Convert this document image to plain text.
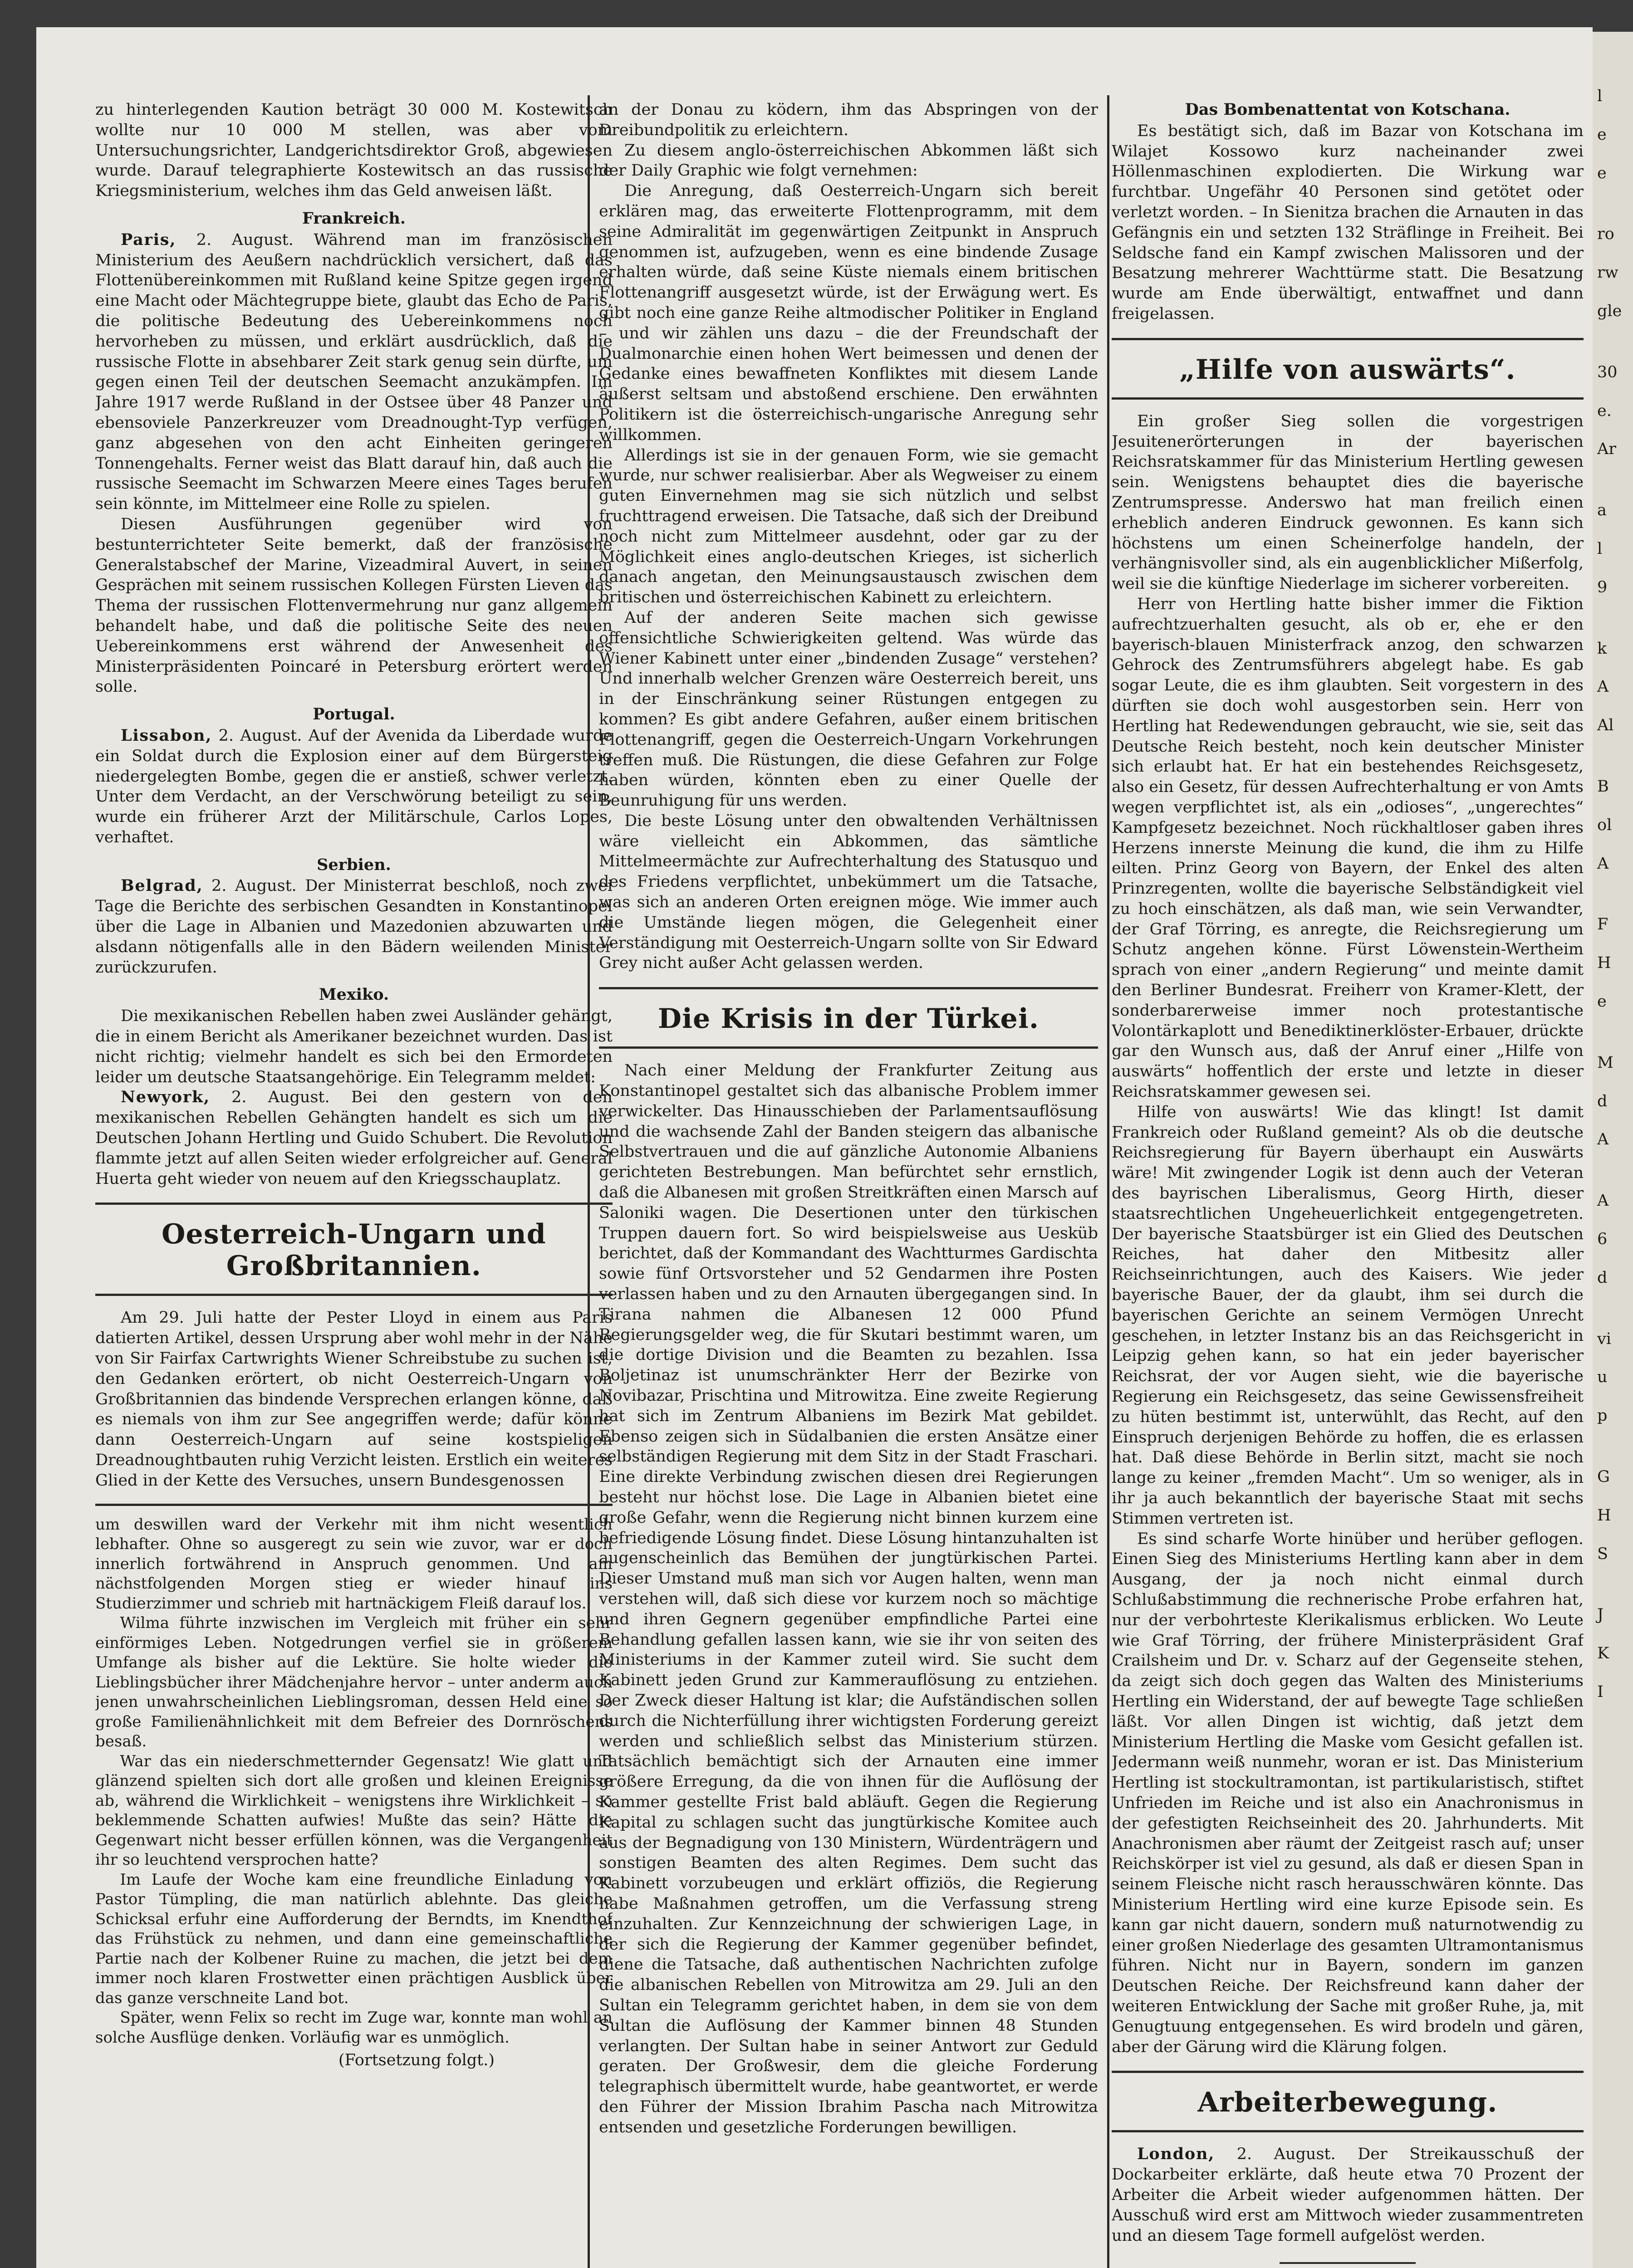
zu hinterlegenden Kaution beträgt 30 000 M. Kostewitsch wollte nur 10 000 M stellen, was aber vom Untersuchungsrichter, Landgerichtsdirektor Groß, abgewiesen wurde. Darauf telegraphierte Kostewitsch an das russische Kriegsministerium, welches ihm das Geld anweisen läßt.

Frankreich.

Paris, 2. August. Während man im französischen Ministerium des Aeußern nachdrücklich versichert, daß das Flottenübereinkommen mit Rußland keine Spitze gegen irgend eine Macht oder Mächtegruppe biete, glaubt das Echo de Paris, die politische Bedeutung des Uebereinkommens noch hervorheben zu müssen, und erklärt ausdrücklich, daß die russische Flotte in absehbarer Zeit stark genug sein dürfte, um gegen einen Teil der deutschen Seemacht anzukämpfen. Im Jahre 1917 werde Rußland in der Ostsee über 48 Panzer und ebensoviele Panzerkreuzer vom Dreadnought-Typ verfügen, ganz abgesehen von den acht Einheiten geringeren Tonnengehalts. Ferner weist das Blatt darauf hin, daß auch die russische Seemacht im Schwarzen Meere eines Tages berufen sein könnte, im Mittelmeer eine Rolle zu spielen.

Diesen Ausführungen gegenüber wird von bestunterrichteter Seite bemerkt, daß der französische Generalstabschef der Marine, Vizeadmiral Auvert, in seinen Gesprächen mit seinem russischen Kollegen Fürsten Lieven das Thema der russischen Flottenvermehrung nur ganz allgemein behandelt habe, und daß die politische Seite des neuen Uebereinkommens erst während der Anwesenheit des Ministerpräsidenten Poincaré in Petersburg erörtert werden solle.

Portugal.

Lissabon, 2. August. Auf der Avenida da Liberdade wurde ein Soldat durch die Explosion einer auf dem Bürgersteig niedergelegten Bombe, gegen die er anstieß, schwer verletzt. Unter dem Verdacht, an der Verschwörung beteiligt zu sein, wurde ein früherer Arzt der Militärschule, Carlos Lopes, verhaftet.

Serbien.

Belgrad, 2. August. Der Ministerrat beschloß, noch zwei Tage die Berichte des serbischen Gesandten in Konstantinopel über die Lage in Albanien und Mazedonien abzuwarten und alsdann nötigenfalls alle in den Bädern weilenden Minister zurückzurufen.

Mexiko.

Die mexikanischen Rebellen haben zwei Ausländer gehängt, die in einem Bericht als Amerikaner bezeichnet wurden. Das ist nicht richtig; vielmehr handelt es sich bei den Ermordeten leider um deutsche Staatsangehörige. Ein Telegramm meldet:

Newyork, 2. August. Bei den gestern von den mexikanischen Rebellen Gehängten handelt es sich um die Deutschen Johann Hertling und Guido Schubert. Die Revolution flammte jetzt auf allen Seiten wieder erfolgreicher auf. General Huerta geht wieder von neuem auf den Kriegsschauplatz.

Oesterreich-Ungarn und Großbritannien.

Am 29. Juli hatte der Pester Lloyd in einem aus Paris datierten Artikel, dessen Ursprung aber wohl mehr in der Nähe von Sir Fairfax Cartwrights Wiener Schreibstube zu suchen ist, den Gedanken erörtert, ob nicht Oesterreich-Ungarn von Großbritannien das bindende Versprechen erlangen könne, daß es niemals von ihm zur See angegriffen werde; dafür könne dann Oesterreich-Ungarn auf seine kostspieligen Dreadnoughtbauten ruhig Verzicht leisten. Erstlich ein weiteres Glied in der Kette des Versuches, unsern Bundesgenossen

um deswillen ward der Verkehr mit ihm nicht wesentlich lebhafter. Ohne so ausgeregt zu sein wie zuvor, war er doch innerlich fortwährend in Anspruch genommen. Und am nächstfolgenden Morgen stieg er wieder hinauf ins Studierzimmer und schrieb mit hartnäckigem Fleiß darauf los.

Wilma führte inzwischen im Vergleich mit früher ein sehr einförmiges Leben. Notgedrungen verfiel sie in größerem Umfange als bisher auf die Lektüre. Sie holte wieder die Lieblingsbücher ihrer Mädchenjahre hervor – unter anderm auch jenen unwahrscheinlichen Lieblingsroman, dessen Held eine so große Familienähnlichkeit mit dem Befreier des Dornröschens besaß.

War das ein niederschmetternder Gegensatz! Wie glatt und glänzend spielten sich dort alle großen und kleinen Ereignisse ab, während die Wirklichkeit – wenigstens ihre Wirklichkeit – so beklemmende Schatten aufwies! Mußte das sein? Hätte die Gegenwart nicht besser erfüllen können, was die Vergangenheit ihr so leuchtend versprochen hatte?

Im Laufe der Woche kam eine freundliche Einladung von Pastor Tümpling, die man natürlich ablehnte. Das gleiche Schicksal erfuhr eine Aufforderung der Berndts, im Knendthof das Frühstück zu nehmen, und dann eine gemeinschaftliche Partie nach der Kolbener Ruine zu machen, die jetzt bei dem immer noch klaren Frostwetter einen prächtigen Ausblick über das ganze verschneite Land bot.

Später, wenn Felix so recht im Zuge war, konnte man wohl an solche Ausflüge denken. Vorläufig war es unmöglich.

(Fortsetzung folgt.)

an der Donau zu ködern, ihm das Abspringen von der Dreibundpolitik zu erleichtern.

Zu diesem anglo-österreichischen Abkommen läßt sich der Daily Graphic wie folgt vernehmen:

Die Anregung, daß Oesterreich-Ungarn sich bereit erklären mag, das erweiterte Flottenprogramm, mit dem seine Admiralität im gegenwärtigen Zeitpunkt in Anspruch genommen ist, aufzugeben, wenn es eine bindende Zusage erhalten würde, daß seine Küste niemals einem britischen Flottenangriff ausgesetzt würde, ist der Erwägung wert. Es gibt noch eine ganze Reihe altmodischer Politiker in England – und wir zählen uns dazu – die der Freundschaft der Dualmonarchie einen hohen Wert beimessen und denen der Gedanke eines bewaffneten Konfliktes mit diesem Lande äußerst seltsam und abstoßend erschiene. Den erwähnten Politikern ist die österreichisch-ungarische Anregung sehr willkommen.

Allerdings ist sie in der genauen Form, wie sie gemacht wurde, nur schwer realisierbar. Aber als Wegweiser zu einem guten Einvernehmen mag sie sich nützlich und selbst fruchttragend erweisen. Die Tatsache, daß sich der Dreibund noch nicht zum Mittelmeer ausdehnt, oder gar zu der Möglichkeit eines anglo-deutschen Krieges, ist sicherlich danach angetan, den Meinungsaustausch zwischen dem britischen und österreichischen Kabinett zu erleichtern.

Auf der anderen Seite machen sich gewisse offensichtliche Schwierigkeiten geltend. Was würde das Wiener Kabinett unter einer „bindenden Zusage“ verstehen? Und innerhalb welcher Grenzen wäre Oesterreich bereit, uns in der Einschränkung seiner Rüstungen entgegen zu kommen? Es gibt andere Gefahren, außer einem britischen Flottenangriff, gegen die Oesterreich-Ungarn Vorkehrungen treffen muß. Die Rüstungen, die diese Gefahren zur Folge haben würden, könnten eben zu einer Quelle der Beunruhigung für uns werden.

Die beste Lösung unter den obwaltenden Verhältnissen wäre vielleicht ein Abkommen, das sämtliche Mittelmeermächte zur Aufrechterhaltung des Statusquo und des Friedens verpflichtet, unbekümmert um die Tatsache, was sich an anderen Orten ereignen möge. Wie immer auch die Umstände liegen mögen, die Gelegenheit einer Verständigung mit Oesterreich-Ungarn sollte von Sir Edward Grey nicht außer Acht gelassen werden.

Die Krisis in der Türkei.

Nach einer Meldung der Frankfurter Zeitung aus Konstantinopel gestaltet sich das albanische Problem immer verwickelter. Das Hinausschieben der Parlamentsauflösung und die wachsende Zahl der Banden steigern das albanische Selbstvertrauen und die auf gänzliche Autonomie Albaniens gerichteten Bestrebungen. Man befürchtet sehr ernstlich, daß die Albanesen mit großen Streitkräften einen Marsch auf Saloniki wagen. Die Desertionen unter den türkischen Truppen dauern fort. So wird beispielsweise aus Uesküb berichtet, daß der Kommandant des Wachtturmes Gardischta sowie fünf Ortsvorsteher und 52 Gendarmen ihre Posten verlassen haben und zu den Arnauten übergegangen sind. In Tirana nahmen die Albanesen 12 000 Pfund Regierungsgelder weg, die für Skutari bestimmt waren, um die dortige Division und die Beamten zu bezahlen. Issa Boljetinaz ist unumschränkter Herr der Bezirke von Novibazar, Prischtina und Mitrowitza. Eine zweite Regierung hat sich im Zentrum Albaniens im Bezirk Mat gebildet. Ebenso zeigen sich in Südalbanien die ersten Ansätze einer selbständigen Regierung mit dem Sitz in der Stadt Fraschari. Eine direkte Verbindung zwischen diesen drei Regierungen besteht nur höchst lose. Die Lage in Albanien bietet eine große Gefahr, wenn die Regierung nicht binnen kurzem eine befriedigende Lösung findet. Diese Lösung hintanzuhalten ist augenscheinlich das Bemühen der jungtürkischen Partei. Dieser Umstand muß man sich vor Augen halten, wenn man verstehen will, daß sich diese vor kurzem noch so mächtige und ihren Gegnern gegenüber empfindliche Partei eine Behandlung gefallen lassen kann, wie sie ihr von seiten des Ministeriums in der Kammer zuteil wird. Sie sucht dem Kabinett jeden Grund zur Kammerauflösung zu entziehen. Der Zweck dieser Haltung ist klar; die Aufständischen sollen durch die Nichterfüllung ihrer wichtigsten Forderung gereizt werden und schließlich selbst das Ministerium stürzen. Tatsächlich bemächtigt sich der Arnauten eine immer größere Erregung, da die von ihnen für die Auflösung der Kammer gestellte Frist bald abläuft. Gegen die Regierung Kapital zu schlagen sucht das jungtürkische Komitee auch aus der Begnadigung von 130 Ministern, Würdenträgern und sonstigen Beamten des alten Regimes. Dem sucht das Kabinett vorzubeugen und erklärt offiziös, die Regierung habe Maßnahmen getroffen, um die Verfassung streng einzuhalten. Zur Kennzeichnung der schwierigen Lage, in der sich die Regierung der Kammer gegenüber befindet, diene die Tatsache, daß authentischen Nachrichten zufolge die albanischen Rebellen von Mitrowitza am 29. Juli an den Sultan ein Telegramm gerichtet haben, in dem sie von dem Sultan die Auflösung der Kammer binnen 48 Stunden verlangten. Der Sultan habe in seiner Antwort zur Geduld geraten. Der Großwesir, dem die gleiche Forderung telegraphisch übermittelt wurde, habe geantwortet, er werde den Führer der Mission Ibrahim Pascha nach Mitrowitza entsenden und gesetzliche Forderungen bewilligen.

Das Bombenattentat von Kotschana.

Es bestätigt sich, daß im Bazar von Kotschana im Wilajet Kossowo kurz nacheinander zwei Höllenmaschinen explodierten. Die Wirkung war furchtbar. Ungefähr 40 Personen sind getötet oder verletzt worden. – In Sienitza brachen die Arnauten in das Gefängnis ein und setzten 132 Sträflinge in Freiheit. Bei Seldsche fand ein Kampf zwischen Malissoren und der Besatzung mehrerer Wachttürme statt. Die Besatzung wurde am Ende überwältigt, entwaffnet und dann freigelassen.

„Hilfe von auswärts“.

Ein großer Sieg sollen die vorgestrigen Jesuitenerörterungen in der bayerischen Reichsratskammer für das Ministerium Hertling gewesen sein. Wenigstens behauptet dies die bayerische Zentrumspresse. Anderswo hat man freilich einen erheblich anderen Eindruck gewonnen. Es kann sich höchstens um einen Scheinerfolge handeln, der verhängnisvoller sind, als ein augenblicklicher Mißerfolg, weil sie die künftige Niederlage im sicherer vorbereiten.

Herr von Hertling hatte bisher immer die Fiktion aufrechtzuerhalten gesucht, als ob er, ehe er den bayerisch-blauen Ministerfrack anzog, den schwarzen Gehrock des Zentrumsführers abgelegt habe. Es gab sogar Leute, die es ihm glaubten. Seit vorgestern in des dürften sie doch wohl ausgestorben sein. Herr von Hertling hat Redewendungen gebraucht, wie sie, seit das Deutsche Reich besteht, noch kein deutscher Minister sich erlaubt hat. Er hat ein bestehendes Reichsgesetz, also ein Gesetz, für dessen Aufrechterhaltung er von Amts wegen verpflichtet ist, als ein „odioses“, „ungerechtes“ Kampfgesetz bezeichnet. Noch rückhaltloser gaben ihres Herzens innerste Meinung die kund, die ihm zu Hilfe eilten. Prinz Georg von Bayern, der Enkel des alten Prinzregenten, wollte die bayerische Selbständigkeit viel zu hoch einschätzen, als daß man, wie sein Verwandter, der Graf Törring, es anregte, die Reichsregierung um Schutz angehen könne. Fürst Löwenstein-Wertheim sprach von einer „andern Regierung“ und meinte damit den Berliner Bundesrat. Freiherr von Kramer-Klett, der sonderbarerweise immer noch protestantische Volontärkaplott und Benediktinerklöster-Erbauer, drückte gar den Wunsch aus, daß der Anruf einer „Hilfe von auswärts“ hoffentlich der erste und letzte in dieser Reichsratskammer gewesen sei.

Hilfe von auswärts! Wie das klingt! Ist damit Frankreich oder Rußland gemeint? Als ob die deutsche Reichsregierung für Bayern überhaupt ein Auswärts wäre! Mit zwingender Logik ist denn auch der Veteran des bayrischen Liberalismus, Georg Hirth, dieser staatsrechtlichen Ungeheuerlichkeit entgegengetreten. Der bayerische Staatsbürger ist ein Glied des Deutschen Reiches, hat daher den Mitbesitz aller Reichseinrichtungen, auch des Kaisers. Wie jeder bayerische Bauer, der da glaubt, ihm sei durch die bayerischen Gerichte an seinem Vermögen Unrecht geschehen, in letzter Instanz bis an das Reichsgericht in Leipzig gehen kann, so hat ein jeder bayerischer Reichsrat, der vor Augen sieht, wie die bayerische Regierung ein Reichsgesetz, das seine Gewissensfreiheit zu hüten bestimmt ist, unterwühlt, das Recht, auf den Einspruch derjenigen Behörde zu hoffen, die es erlassen hat. Daß diese Behörde in Berlin sitzt, macht sie noch lange zu keiner „fremden Macht“. Um so weniger, als in ihr ja auch bekanntlich der bayerische Staat mit sechs Stimmen vertreten ist.

Es sind scharfe Worte hinüber und herüber geflogen. Einen Sieg des Ministeriums Hertling kann aber in dem Ausgang, der ja noch nicht einmal durch Schlußabstimmung die rechnerische Probe erfahren hat, nur der verbohrteste Klerikalismus erblicken. Wo Leute wie Graf Törring, der frühere Ministerpräsident Graf Crailsheim und Dr. v. Scharz auf der Gegenseite stehen, da zeigt sich doch gegen das Walten des Ministeriums Hertling ein Widerstand, der auf bewegte Tage schließen läßt. Vor allen Dingen ist wichtig, daß jetzt dem Ministerium Hertling die Maske vom Gesicht gefallen ist. Jedermann weiß nunmehr, woran er ist. Das Ministerium Hertling ist stockultramontan, ist partikularistisch, stiftet Unfrieden im Reiche und ist also ein Anachronismus in der gefestigten Reichseinheit des 20. Jahrhunderts. Mit Anachronismen aber räumt der Zeitgeist rasch auf; unser Reichskörper ist viel zu gesund, als daß er diesen Span in seinem Fleische nicht rasch herausschwären könnte. Das Ministerium Hertling wird eine kurze Episode sein. Es kann gar nicht dauern, sondern muß naturnotwendig zu einer großen Niederlage des gesamten Ultramontanismus führen. Nicht nur in Bayern, sondern im ganzen Deutschen Reiche. Der Reichsfreund kann daher der weiteren Entwicklung der Sache mit großer Ruhe, ja, mit Genugtuung entgegensehen. Es wird brodeln und gären, aber der Gärung wird die Klärung folgen.

Arbeiterbewegung.

London, 2. August. Der Streikausschuß der Dockarbeiter erklärte, daß heute etwa 70 Prozent der Arbeiter die Arbeit wieder aufgenommen hätten. Der Ausschuß wird erst am Mittwoch wieder zusammentreten und an diesem Tage formell aufgelöst werden.

l
e
e
ro
rw
gle
30
e.
Ar
a
l
9
k
A
Al
B
ol
A
F
H
e
M
d
A
A
6
d
vi
u
p
G
H
S
J
K
I
